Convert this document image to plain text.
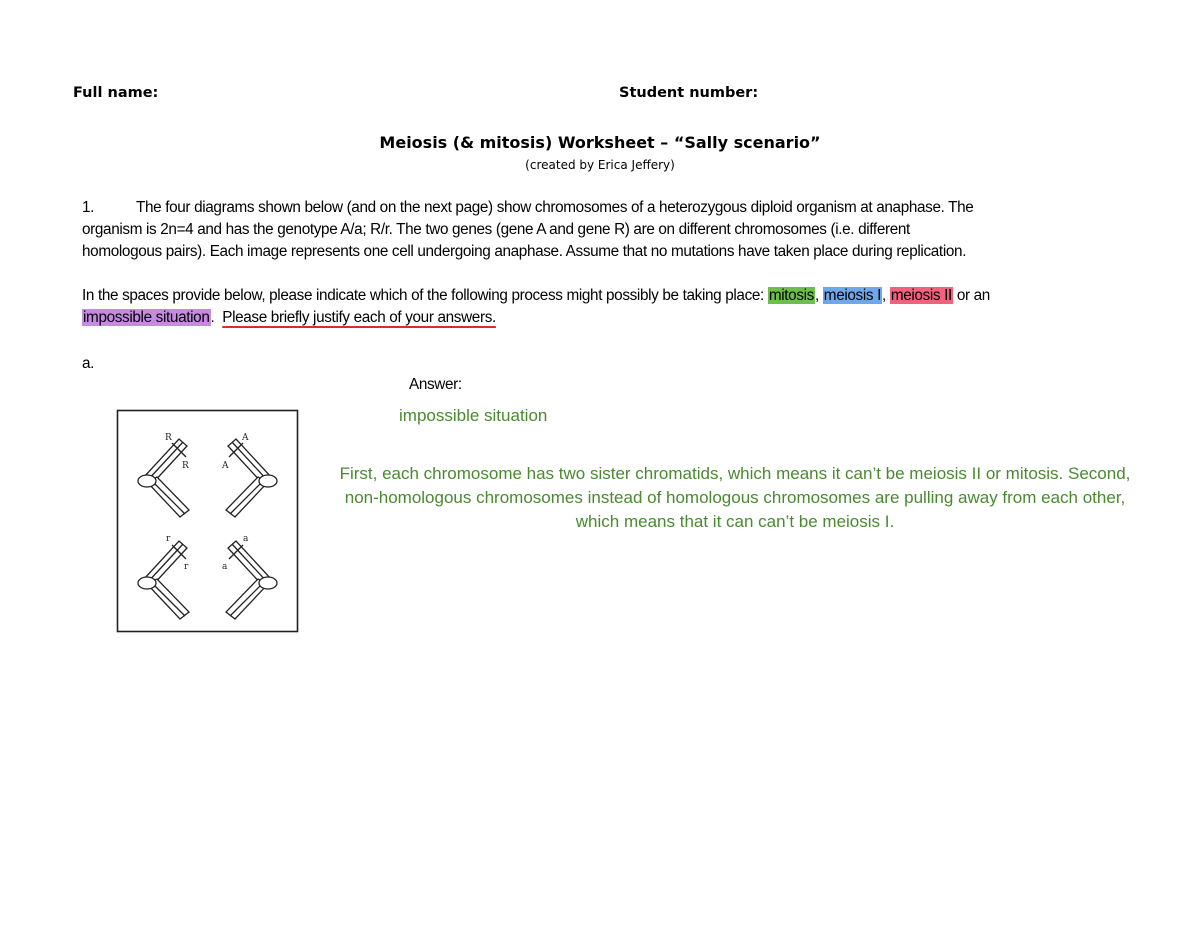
Full name:	Student number:
Meiosis (& mitosis) Worksheet – “Sally scenario”
(created by Erica Jeffery)
1.	The four diagrams shown below (and on the next page) show chromosomes of a heterozygous diploid organism at anaphase. The
organism is 2n=4 and has the genotype A/a; R/r. The two genes (gene A and gene R) are on different chromosomes (i.e. different
homologous pairs). Each image represents one cell undergoing anaphase. Assume that no mutations have taken place during replication.
In the spaces provide below, please indicate which of the following process might possibly be taking place: mitosis, meiosis I, meiosis II or an
impossible situation. Please briefly justify each of your answers.
a.
Answer:
impossible situation
First, each chromosome has two sister chromatids, which means it can’t be meiosis II or mitosis. Second, non-homologous chromosomes instead of homologous chromosomes are pulling away from each other, which means that it can can’t be meiosis I.
R
R
A
A
r
r
a
a
